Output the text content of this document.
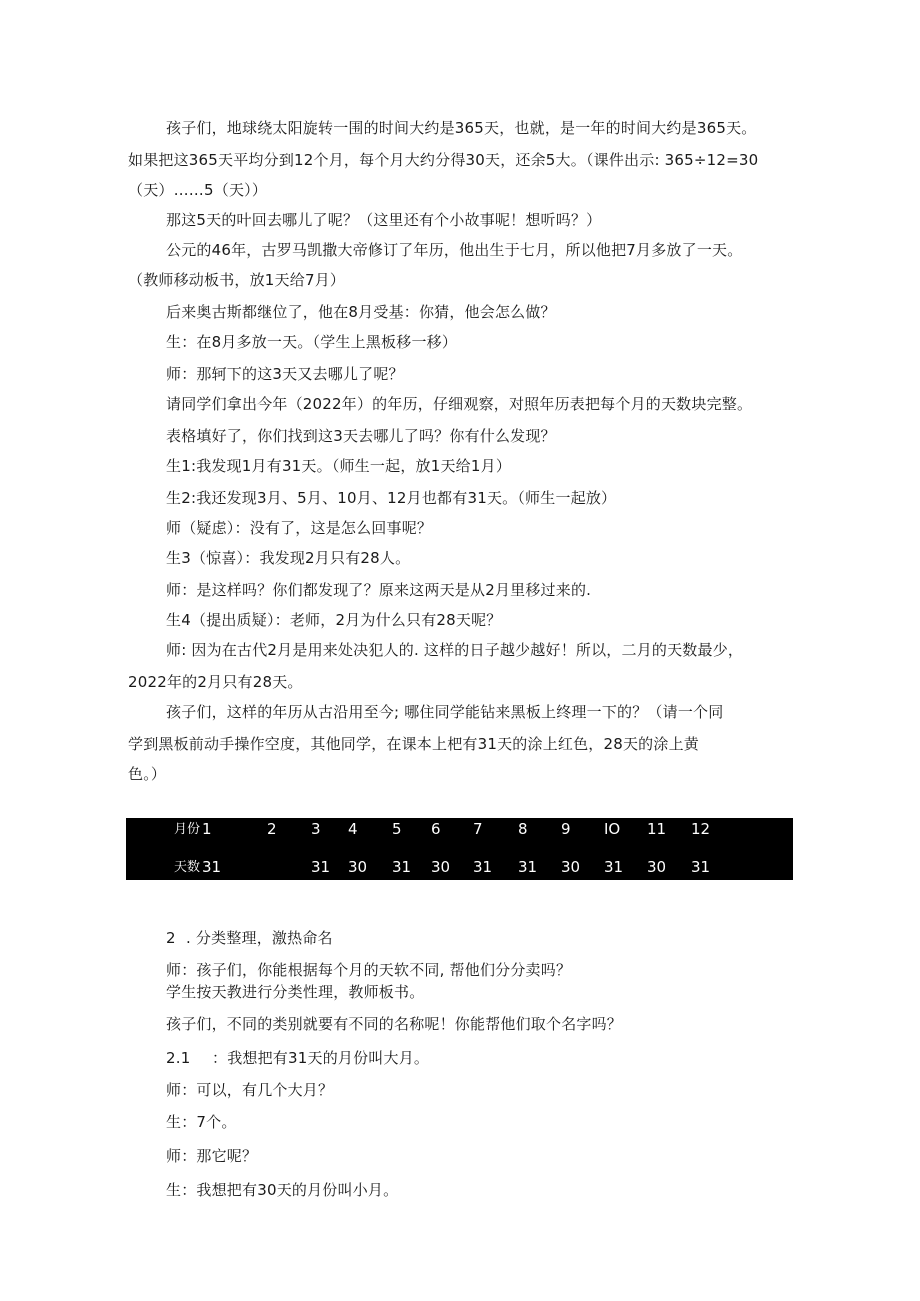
孩子们，地球绕太阳旋转一围的时间大约是365天，也就，是一年的时间大约是365天。
如果把这365天平均分到12个月，每个月大约分得30天，还余5大。（课件出示: 365÷12=30
（天）……5（天））
那这5天的叶回去哪儿了呢？（这里还有个小故事呢！想听吗？）
公元的46年，古罗马凯撒大帝修订了年历，他出生于七月，所以他把7月多放了一天。
（教师移动板书，放1天给7月）
后来奥古斯都继位了，他在8月受基：你猜，他会怎么做？
生：在8月多放一天。（学生上黑板移一移）
师：那轲下的这3天又去哪儿了呢？
请同学们拿出今年（2022年）的年历，仔细观察，对照年历表把每个月的天数块完整。
表格填好了，你们找到这3天去哪儿了吗？你有什么发现？
生1:我发现1月有31天。（师生一起，放1天给1月）
生2:我还发现3月、5月、10月、12月也都有31天。（师生一起放）
师（疑虑）：没有了，这是怎么回事呢？
生3（惊喜）：我发现2月只有28人。
师：是这样吗？你们都发现了？原来这两天是从2月里移过来的.
生4（提出质疑）：老师，2月为什么只有28天呢？
师: 因为在古代2月是用来处决犯人的. 这样的日子越少越好！所以，二月的天数最少，
2022年的2月只有28天。
孩子们，这样的年历从古沿用至今; 哪住同学能钻来黑板上终理一下的？（请一个同
学到黑板前动手操作空度，其他同学，在课本上杷有31天的涂上红色，28天的涂上黄
色。）
月份 1	2 3 4 5 6 7 8 9 IO 11 12
天数 31	31 30 31 30 31 31 30 31 30 31
2 . 分类整理，激热命名
师：孩子们，你能根据每个月的天软不同, 帮他们分分卖吗？
学生按天教进行分类性理，教师板书。
孩子们，不同的类别就要有不同的名称呢！你能帮他们取个名字吗？
2.1 ：我想把有31天的月份叫大月。
师：可以，有几个大月？
生：7个。
师：那它呢？
生：我想把有30天的月份叫小月。
